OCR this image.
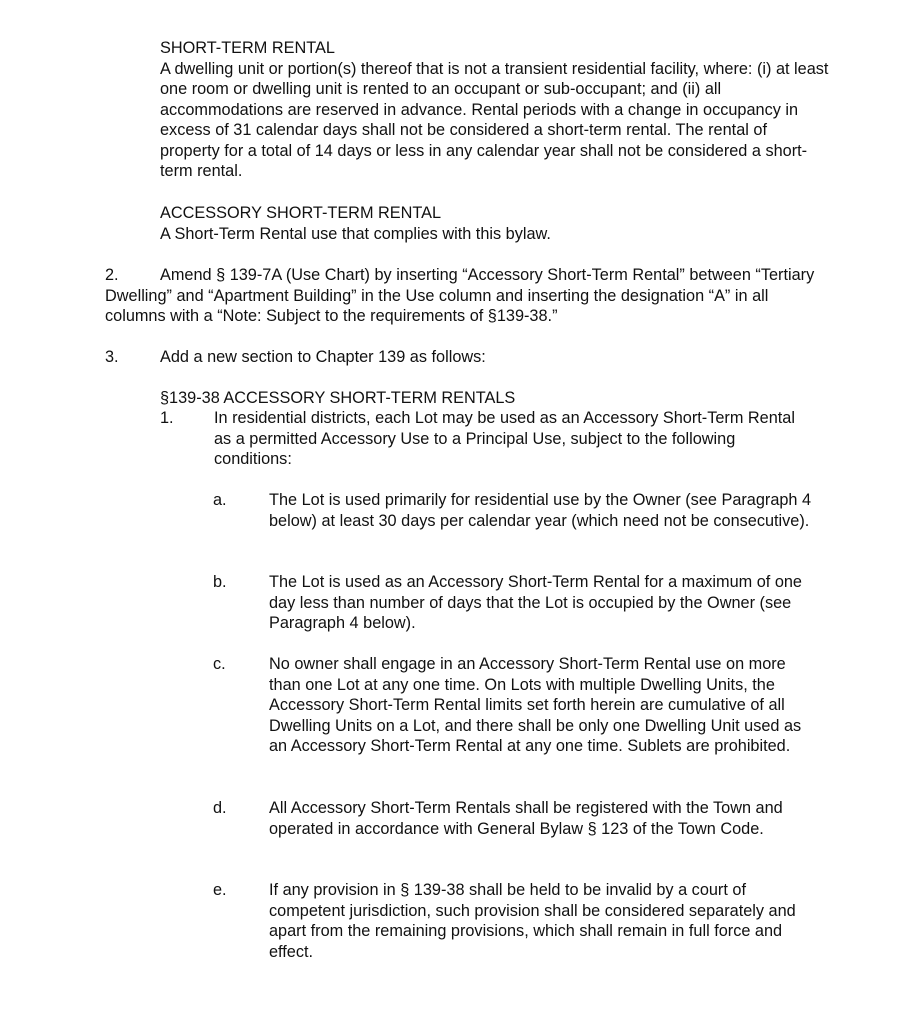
SHORT-TERM RENTAL
A dwelling unit or portion(s) thereof that is not a transient residential facility, where: (i) at least one room or dwelling unit is rented to an occupant or sub-occupant; and (ii) all accommodations are reserved in advance. Rental periods with a change in occupancy in excess of 31 calendar days shall not be considered a short-term rental. The rental of property for a total of 14 days or less in any calendar year shall not be considered a short-term rental.
ACCESSORY SHORT-TERM RENTAL
A Short-Term Rental use that complies with this bylaw.
2.	Amend § 139-7A (Use Chart) by inserting “Accessory Short-Term Rental” between “Tertiary Dwelling” and “Apartment Building” in the Use column and inserting the designation “A” in all columns with a “Note: Subject to the requirements of §139-38.”
3.	Add a new section to Chapter 139 as follows:
§139-38 ACCESSORY SHORT-TERM RENTALS
1. In residential districts, each Lot may be used as an Accessory Short-Term Rental as a permitted Accessory Use to a Principal Use, subject to the following conditions:
a.	The Lot is used primarily for residential use by the Owner (see Paragraph 4 below) at least 30 days per calendar year (which need not be consecutive).
b.	The Lot is used as an Accessory Short-Term Rental for a maximum of one day less than number of days that the Lot is occupied by the Owner (see Paragraph 4 below).
c.	No owner shall engage in an Accessory Short-Term Rental use on more than one Lot at any one time. On Lots with multiple Dwelling Units, the Accessory Short-Term Rental limits set forth herein are cumulative of all Dwelling Units on a Lot, and there shall be only one Dwelling Unit used as an Accessory Short-Term Rental at any one time. Sublets are prohibited.
d.	All Accessory Short-Term Rentals shall be registered with the Town and operated in accordance with General Bylaw § 123 of the Town Code.
e.	If any provision in § 139-38 shall be held to be invalid by a court of competent jurisdiction, such provision shall be considered separately and apart from the remaining provisions, which shall remain in full force and effect.
